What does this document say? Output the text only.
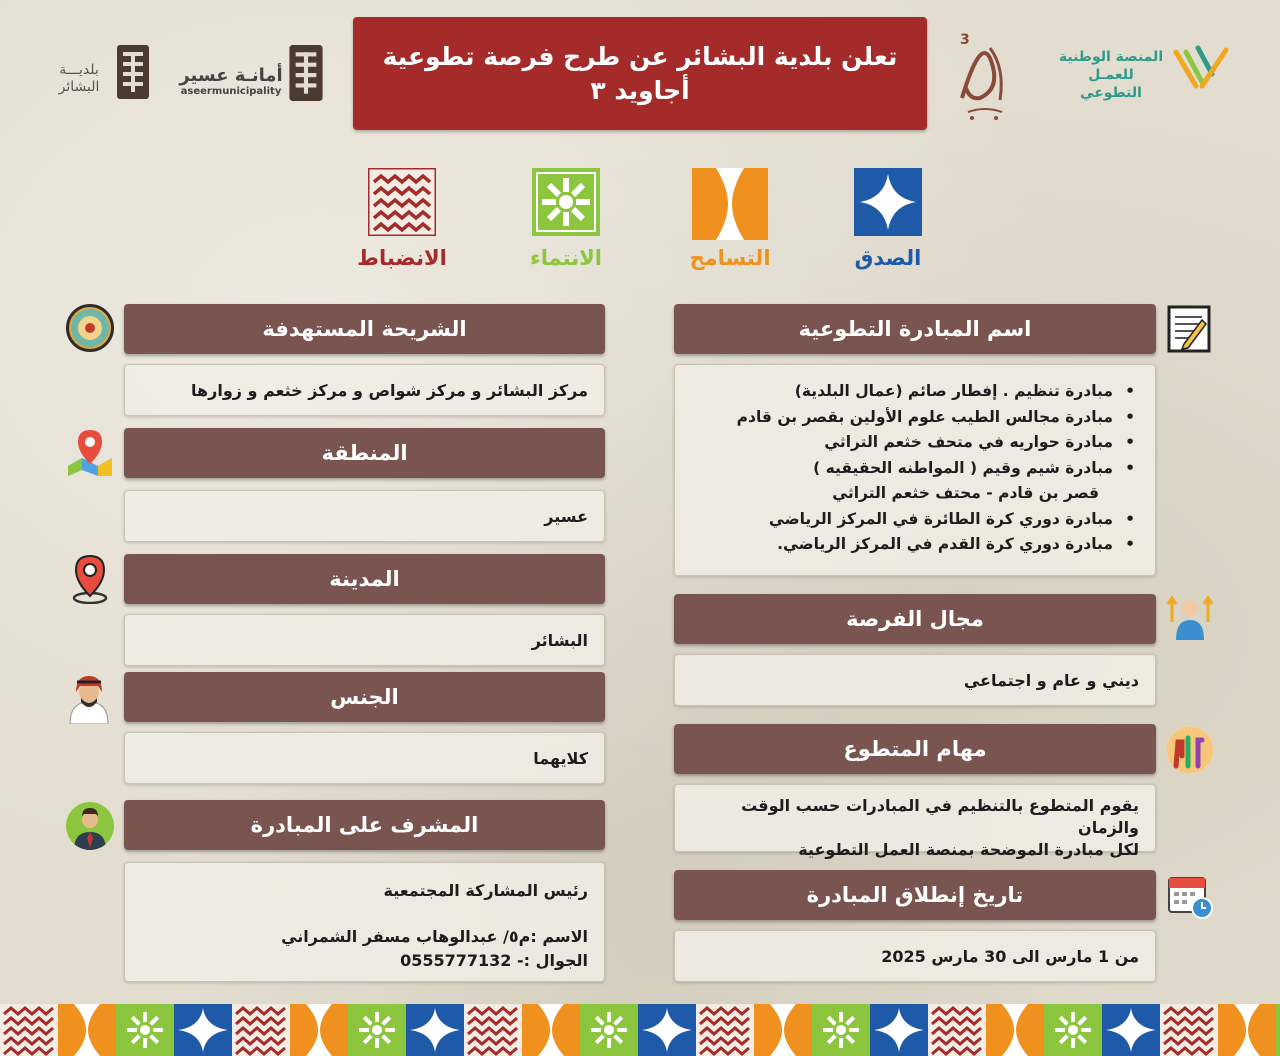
بلديـــة
البشائر
أمانـة عسير
aseermunicipality
تعلن بلدية البشائر عن طرح فرصة تطوعية
أجاويد ٣
3
المنصة الوطنية
للعمـل التطوعي
الصدق
التسامح
الانتماء
الانضباط
اسم المبادرة التطوعية
• مبادرة تنظيم . إفطار صائم (عمال البلدية)
• مبادرة مجالس الطيب علوم الأولين بقصر بن قادم
• مبادرة حواريه في متحف خثعم التراثي
• مبادرة شيم وقيم ( المواطنه الحقيقيه )
قصر بن قادم - محتف خثعم التراثي
• مبادرة دوري كرة الطائرة في المركز الرياضي
• مبادرة دوري كرة القدم في المركز الرياضي.
مجال الفرصة
ديني و عام و اجتماعي
مهام المتطوع
يقوم المتطوع بالتنظيم في المبادرات حسب الوقت والزمان
لكل مبادرة الموضحة بمنصة العمل التطوعية
تاريخ إنطلاق المبادرة
من 1 مارس الى 30 مارس 2025
الشريحة المستهدفة
مركز البشائر و مركز شواص و مركز خثعم و زوارها
المنطقة
عسير
المدينة
البشائر
الجنس
كلايهما
المشرف على المبادرة
رئيس المشاركة المجتمعية
الاسم :م٥/ عبدالوهاب مسفر الشمراني
الجوال :- 0555777132
